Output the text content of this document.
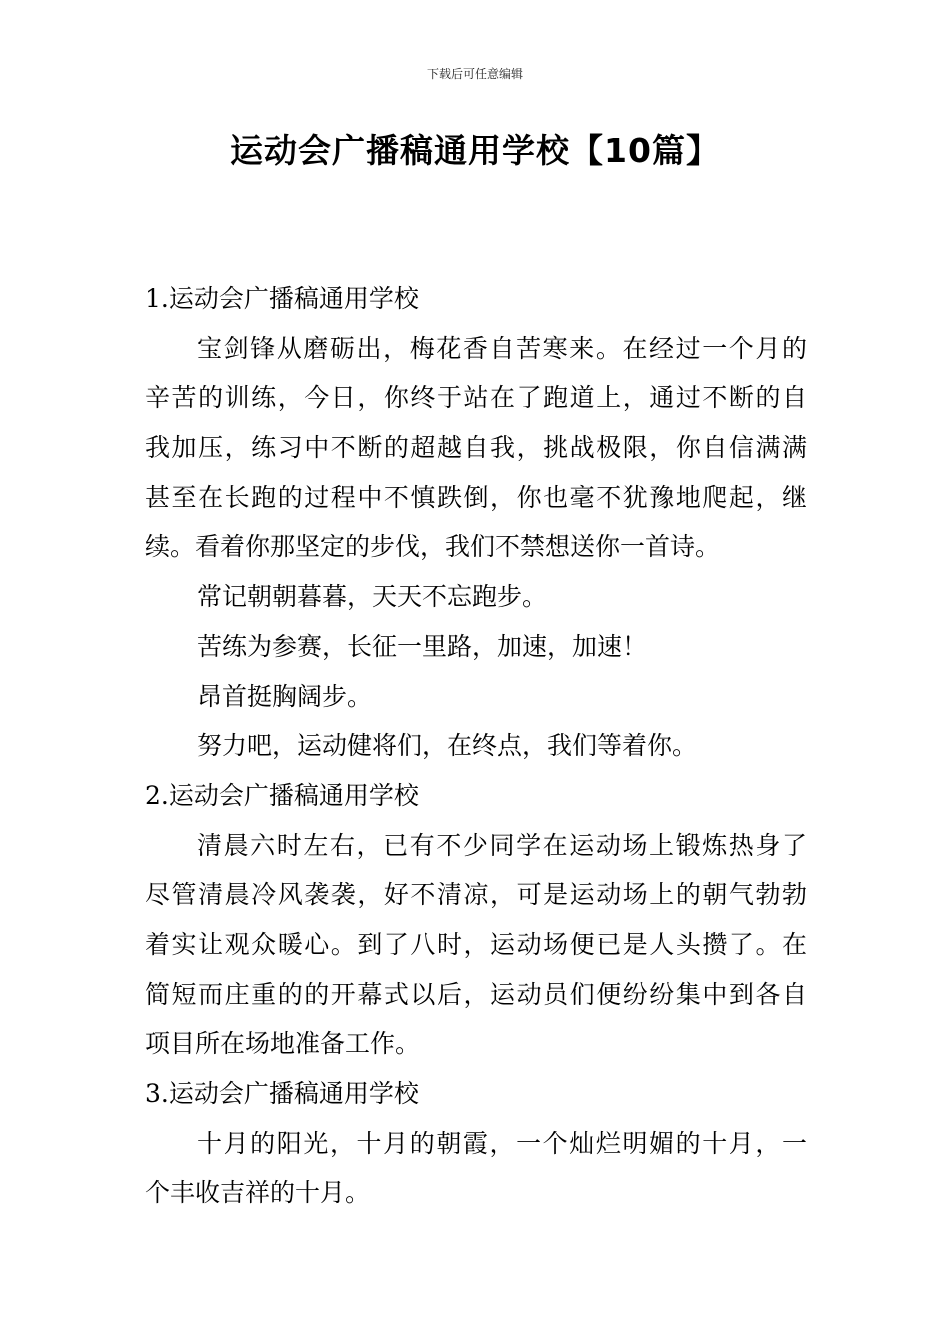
下载后可任意编辑
运动会广播稿通用学校【10篇】
1.运动会广播稿通用学校
宝剑锋从磨砺出，梅花香自苦寒来。在经过一个月的
辛苦的训练，今日，你终于站在了跑道上，通过不断的自
我加压，练习中不断的超越自我，挑战极限，你自信满满
甚至在长跑的过程中不慎跌倒，你也毫不犹豫地爬起，继
续。看着你那坚定的步伐，我们不禁想送你一首诗。
常记朝朝暮暮，天天不忘跑步。
苦练为参赛，长征一里路，加速，加速！
昂首挺胸阔步。
努力吧，运动健将们，在终点，我们等着你。
2.运动会广播稿通用学校
清晨六时左右，已有不少同学在运动场上锻炼热身了
尽管清晨冷风袭袭，好不清凉，可是运动场上的朝气勃勃
着实让观众暖心。到了八时，运动场便已是人头攒了。在
简短而庄重的的开幕式以后，运动员们便纷纷集中到各自
项目所在场地准备工作。
3.运动会广播稿通用学校
十月的阳光，十月的朝霞，一个灿烂明媚的十月，一
个丰收吉祥的十月。
